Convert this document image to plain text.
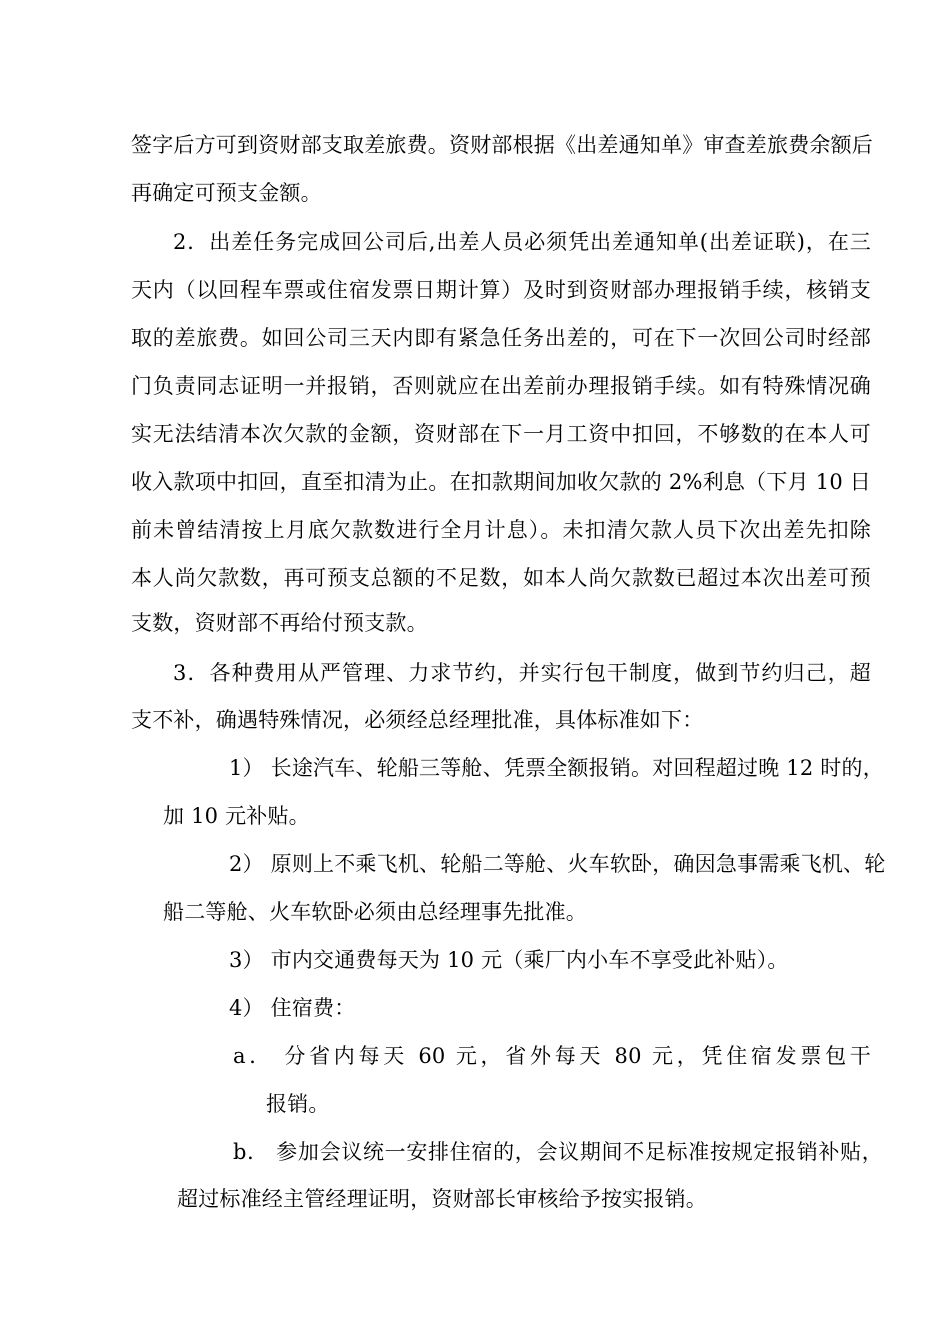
签字后方可到资财部支取差旅费。资财部根据《出差通知单》审查差旅费余额后
再确定可预支金额。
2．出差任务完成回公司后,出差人员必须凭出差通知单(出差证联)，在三
天内（以回程车票或住宿发票日期计算）及时到资财部办理报销手续，核销支
取的差旅费。如回公司三天内即有紧急任务出差的，可在下一次回公司时经部
门负责同志证明一并报销，否则就应在出差前办理报销手续。如有特殊情况确
实无法结清本次欠款的金额，资财部在下一月工资中扣回，不够数的在本人可
收入款项中扣回，直至扣清为止。在扣款期间加收欠款的 2%利息（下月 10 日
前未曾结清按上月底欠款数进行全月计息）。未扣清欠款人员下次出差先扣除
本人尚欠款数，再可预支总额的不足数，如本人尚欠款数已超过本次出差可预
支数，资财部不再给付预支款。
3．各种费用从严管理、力求节约，并实行包干制度，做到节约归己，超
支不补，确遇特殊情况，必须经总经理批准，具体标准如下：
1） 长途汽车、轮船三等舱、凭票全额报销。对回程超过晚 12 时的，
加 10 元补贴。
2） 原则上不乘飞机、轮船二等舱、火车软卧，确因急事需乘飞机、轮
船二等舱、火车软卧必须由总经理事先批准。
3） 市内交通费每天为 10 元（乘厂内小车不享受此补贴）。
4） 住宿费：
a． 分省内每天 60 元，省外每天 80 元，凭住宿发票包干
报销。
b． 参加会议统一安排住宿的，会议期间不足标准按规定报销补贴，
超过标准经主管经理证明，资财部长审核给予按实报销。
